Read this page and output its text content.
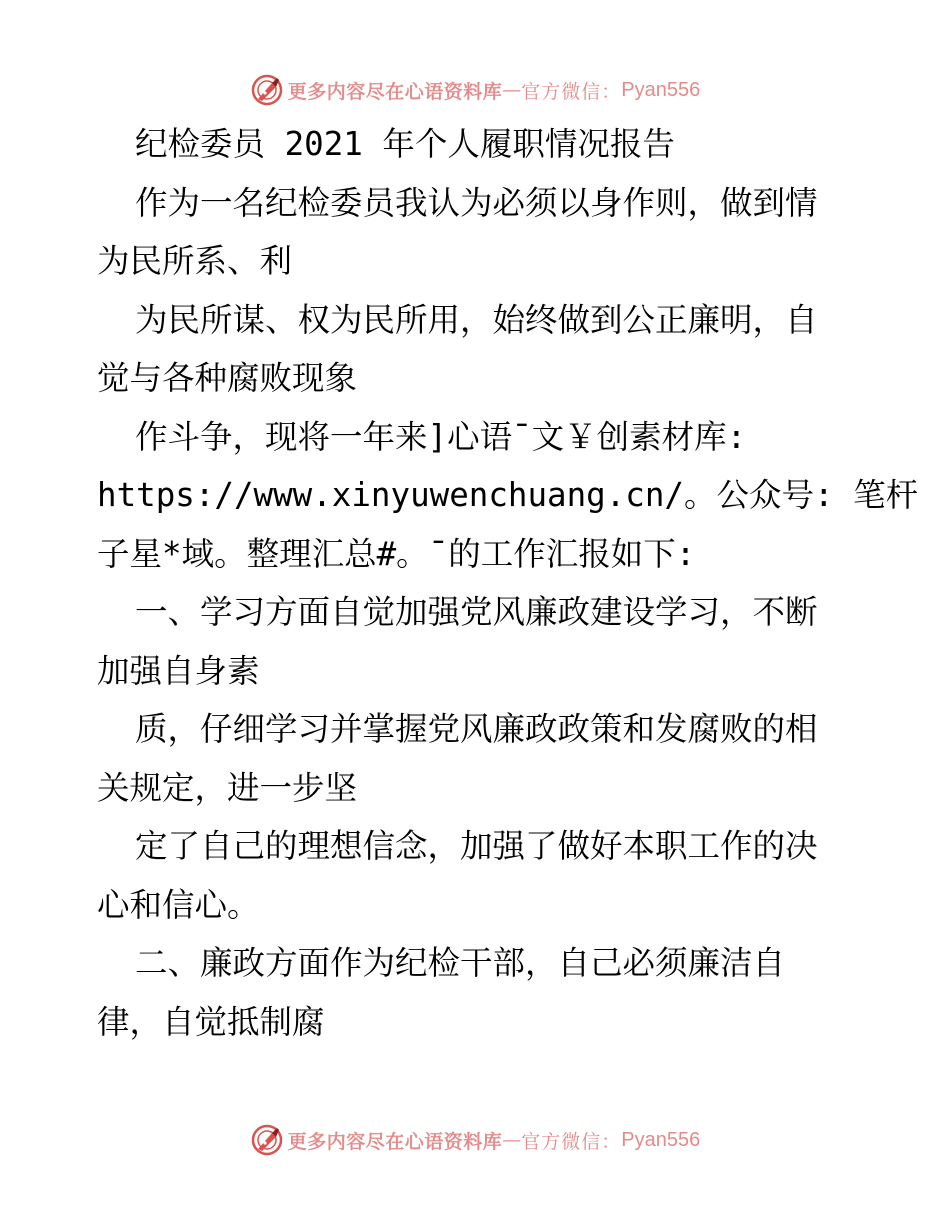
更多内容尽在心语资料库 — 官方微信： Pyan556
纪检委员 2021 年个人履职情况报告
作为一名纪检委员我认为必须以身作则，做到情
为民所系、利
为民所谋、权为民所用，始终做到公正廉明，自
觉与各种腐败现象
作斗争，现将一年来]心语¯文￥创素材库:
https://www.xinyuwenchuang.cn/。公众号: 笔杆
子星*域。整理汇总#。¯的工作汇报如下:
一、学习方面自觉加强党风廉政建设学习，不断
加强自身素
质，仔细学习并掌握党风廉政政策和发腐败的相
关规定，进一步坚
定了自己的理想信念，加强了做好本职工作的决
心和信心。
二、廉政方面作为纪检干部，自己必须廉洁自
律，自觉抵制腐
更多内容尽在心语资料库 — 官方微信： Pyan556
